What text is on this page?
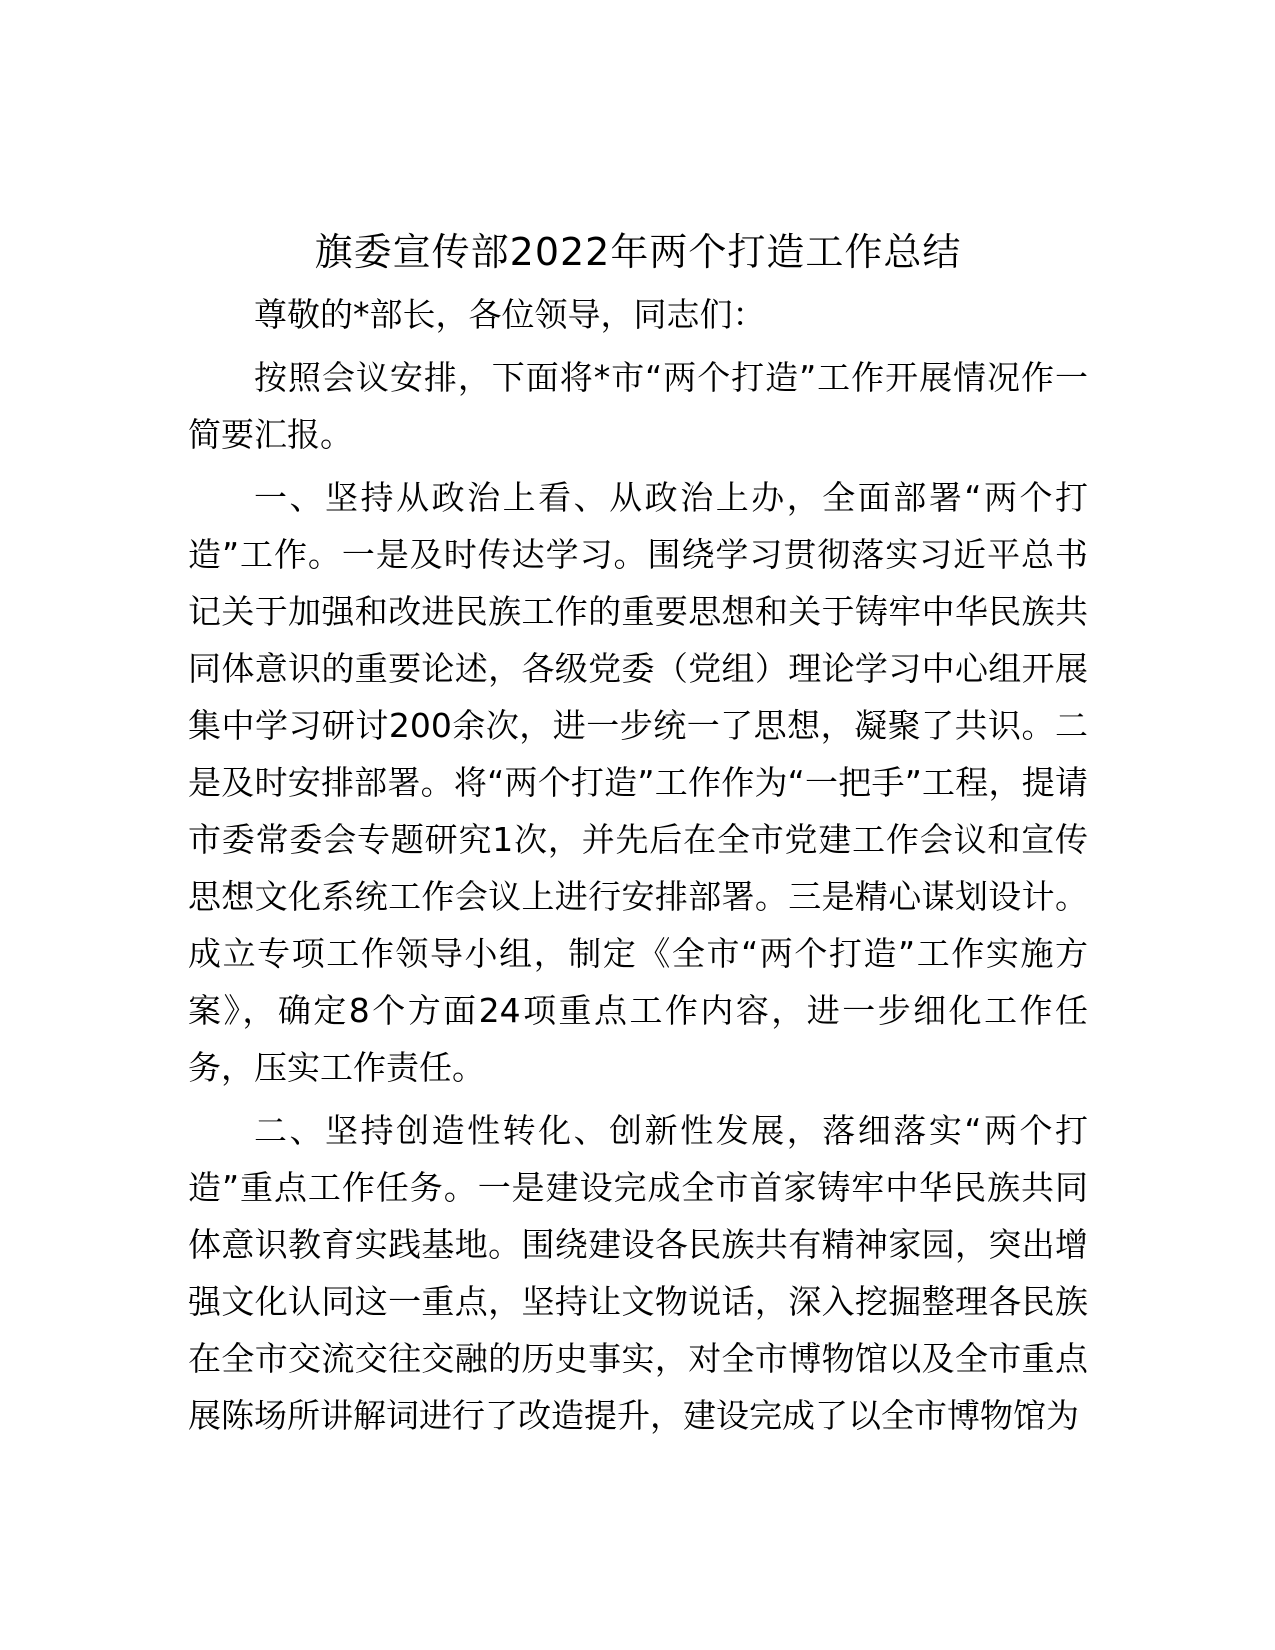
旗委宣传部2022年两个打造工作总结

尊敬的*部长，各位领导，同志们：

按照会议安排，下面将*市“两个打造”工作开展情况作一简要汇报。

一、坚持从政治上看、从政治上办，全面部署“两个打造”工作。一是及时传达学习。围绕学习贯彻落实习近平总书记关于加强和改进民族工作的重要思想和关于铸牢中华民族共同体意识的重要论述，各级党委（党组）理论学习中心组开展集中学习研讨200余次，进一步统一了思想，凝聚了共识。二是及时安排部署。将“两个打造”工作作为“一把手”工程，提请市委常委会专题研究1次，并先后在全市党建工作会议和宣传思想文化系统工作会议上进行安排部署。三是精心谋划设计。成立专项工作领导小组，制定《全市“两个打造”工作实施方案》，确定8个方面24项重点工作内容，进一步细化工作任务，压实工作责任。

二、坚持创造性转化、创新性发展，落细落实“两个打造”重点工作任务。一是建设完成全市首家铸牢中华民族共同体意识教育实践基地。围绕建设各民族共有精神家园，突出增强文化认同这一重点，坚持让文物说话，深入挖掘整理各民族在全市交流交往交融的历史事实，对全市博物馆以及全市重点展陈场所讲解词进行了改造提升，建设完成了以全市博物馆为
